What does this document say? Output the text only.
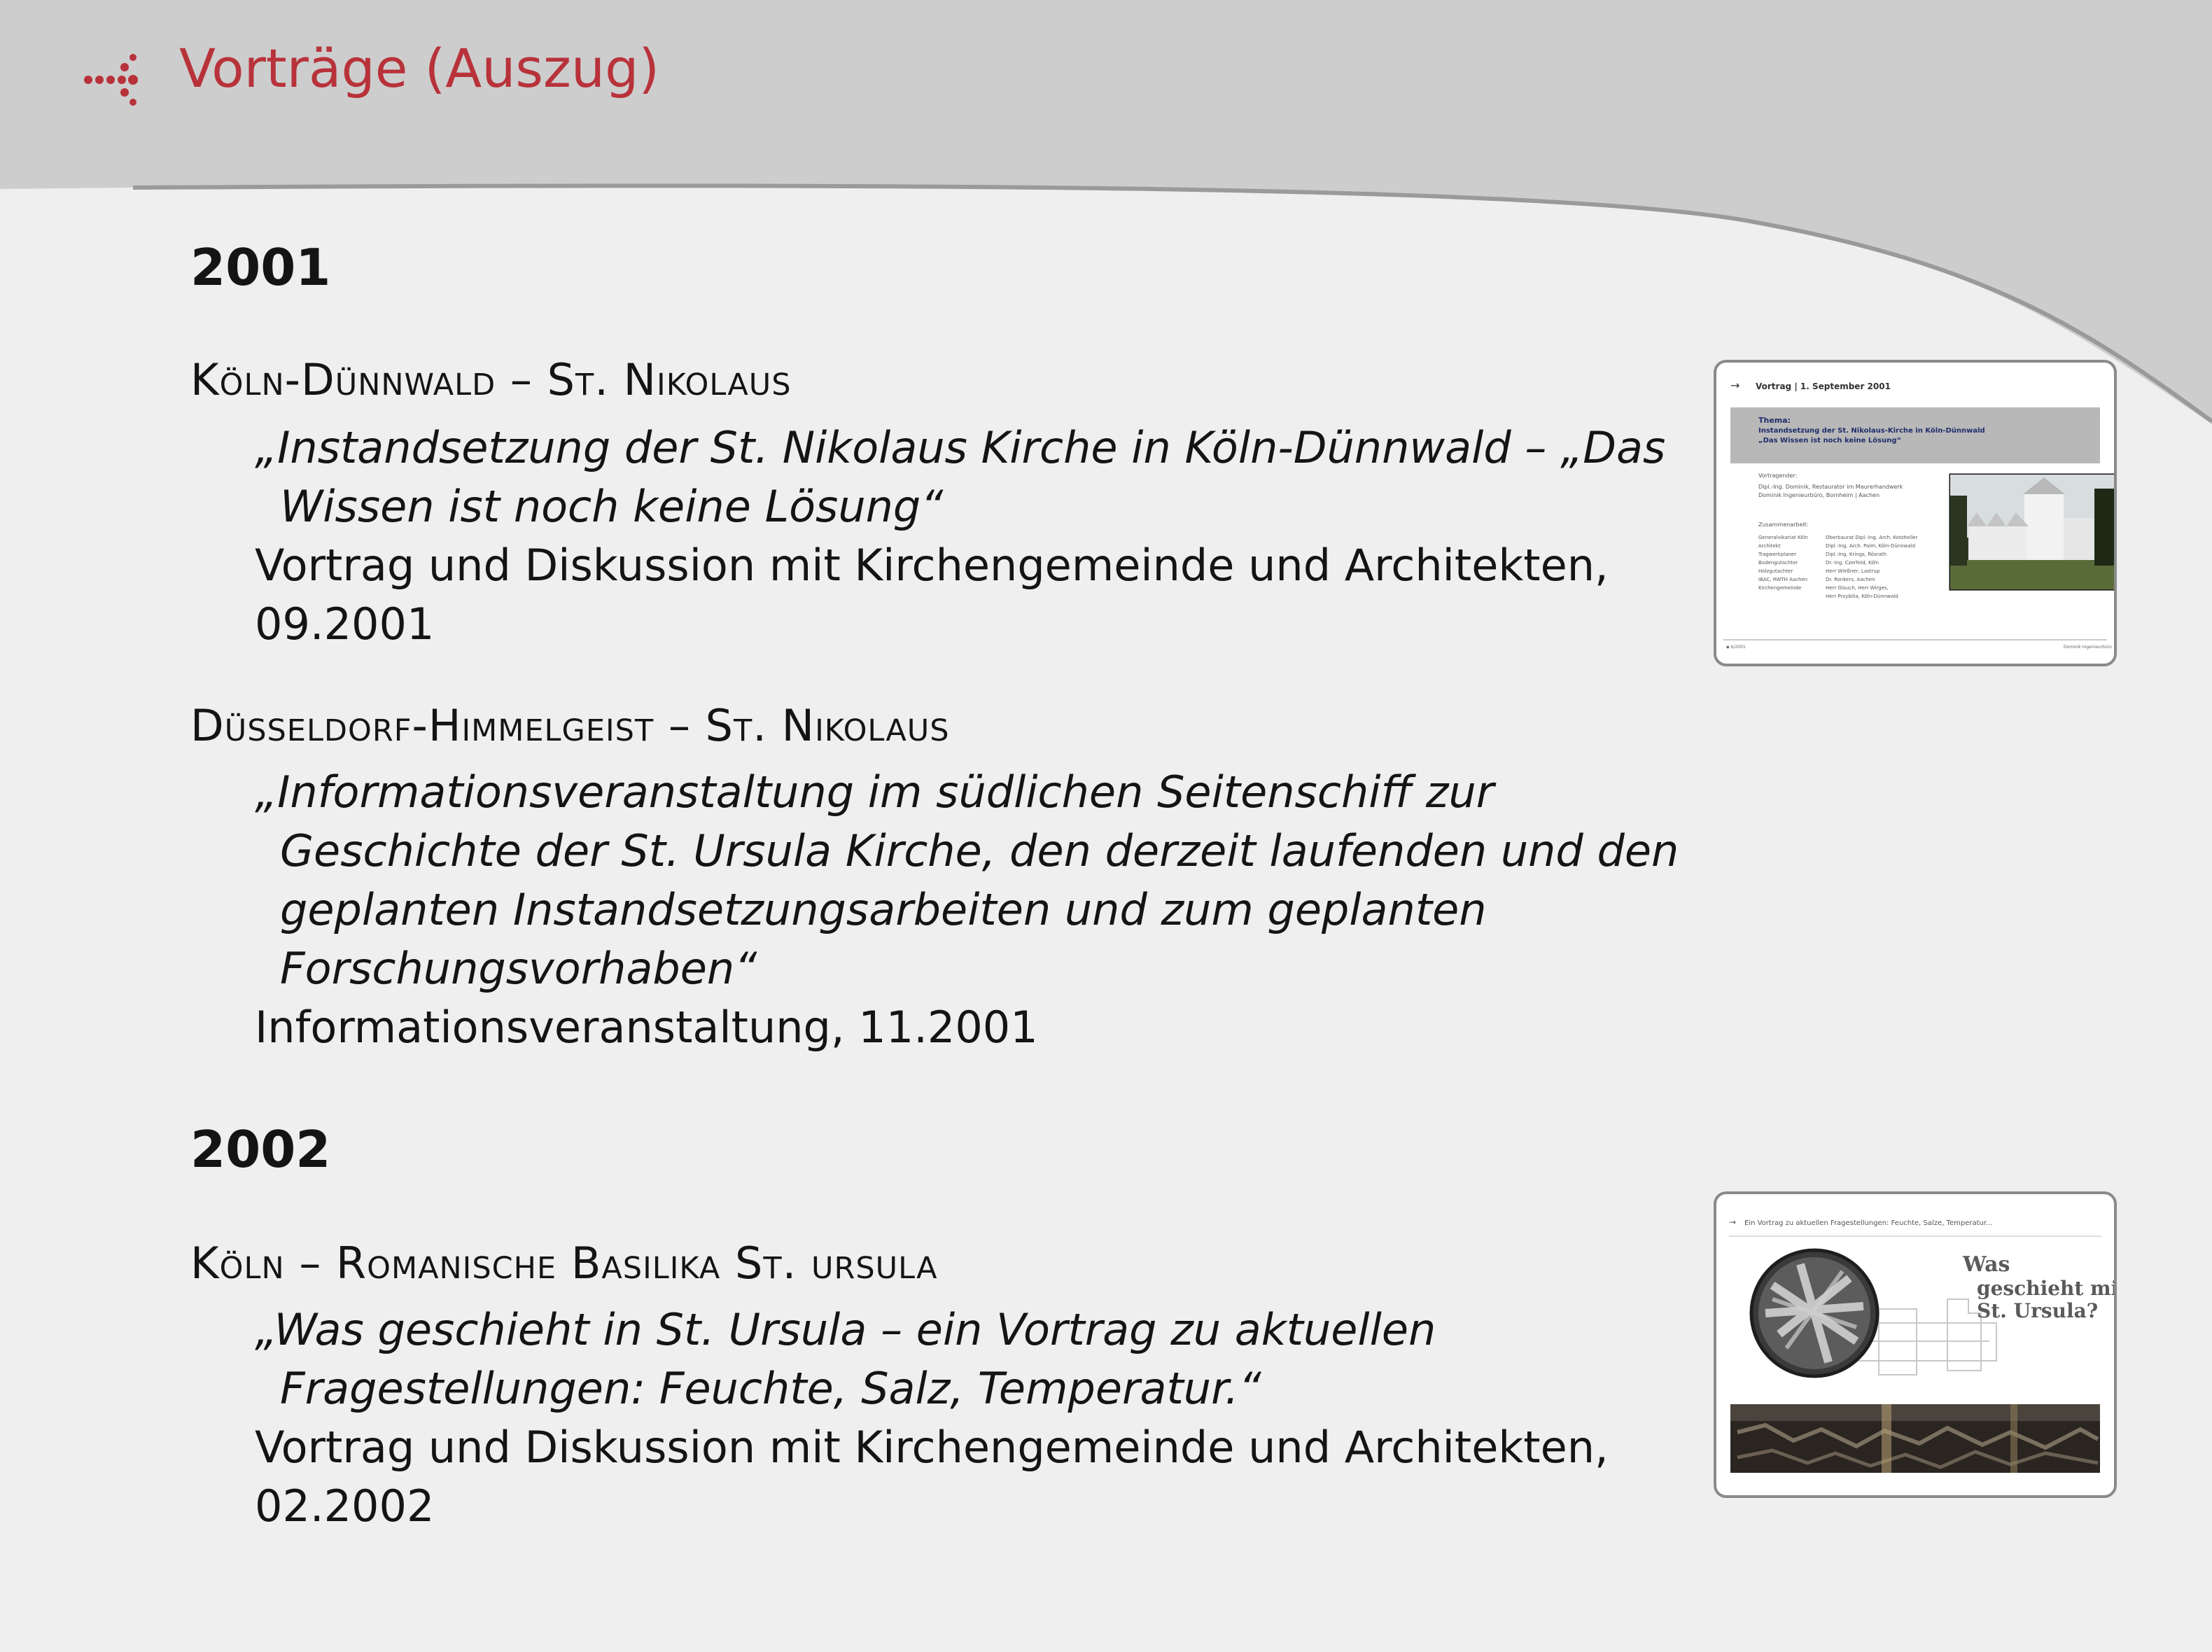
Vorträge (Auszug)
2001
Köln-Dünnwald – St. Nikolaus
„Instandsetzung der St. Nikolaus Kirche in Köln-Dünnwald – „Das
Wissen ist noch keine Lösung“
Vortrag und Diskussion mit Kirchengemeinde und Architekten,
09.2001
Düsseldorf-Himmelgeist – St. Nikolaus
„Informationsveranstaltung im südlichen Seitenschiff zur
Geschichte der St. Ursula Kirche, den derzeit laufenden und den
geplanten Instandsetzungsarbeiten und zum geplanten
Forschungsvorhaben“
Informationsveranstaltung, 11.2001
2002
Köln – Romanische Basilika St. ursula
„Was geschieht in St. Ursula – ein Vortrag zu aktuellen
Fragestellungen: Feuchte, Salz, Temperatur.“
Vortrag und Diskussion mit Kirchengemeinde und Architekten,
02.2002
→ Vortrag | 1. September 2001
Thema:
Instandsetzung der St. Nikolaus-Kirche in Köln-Dünnwald
„Das Wissen ist noch keine Lösung“
Vortragender:
Dipl.-Ing. Dominik, Restaurator im Maurerhandwerk
Dominik Ingenieurbüro, Bornheim | Aachen
Zusammenarbeit:
Generalvikariat Köln
Architekt
Tragwerkplaner
Bodengutachter
Holzgutachter
IBAC, RWTH Aachen
Kirchengemeinde
Oberbaurat Dipl.-Ing. Arch. Kotzheller
Dipl.-Ing. Arch. Palm, Köln-Dünnwald
Dipl.-Ing. Krings, Rösrath
Dr.-Ing. Czerfeld, Köln
Herr Wießner, Lastrup
Dr. Ronkers, Aachen
Herr Glauch, Herr Wirges,
Herr Przybilla, Köln-Dünnwald
◆ 6/2001	Dominik Ingenieurbüro
→ Ein Vortrag zu aktuellen Fragestellungen: Feuchte, Salze, Temperatur...
Was
geschieht mit
St. Ursula?
